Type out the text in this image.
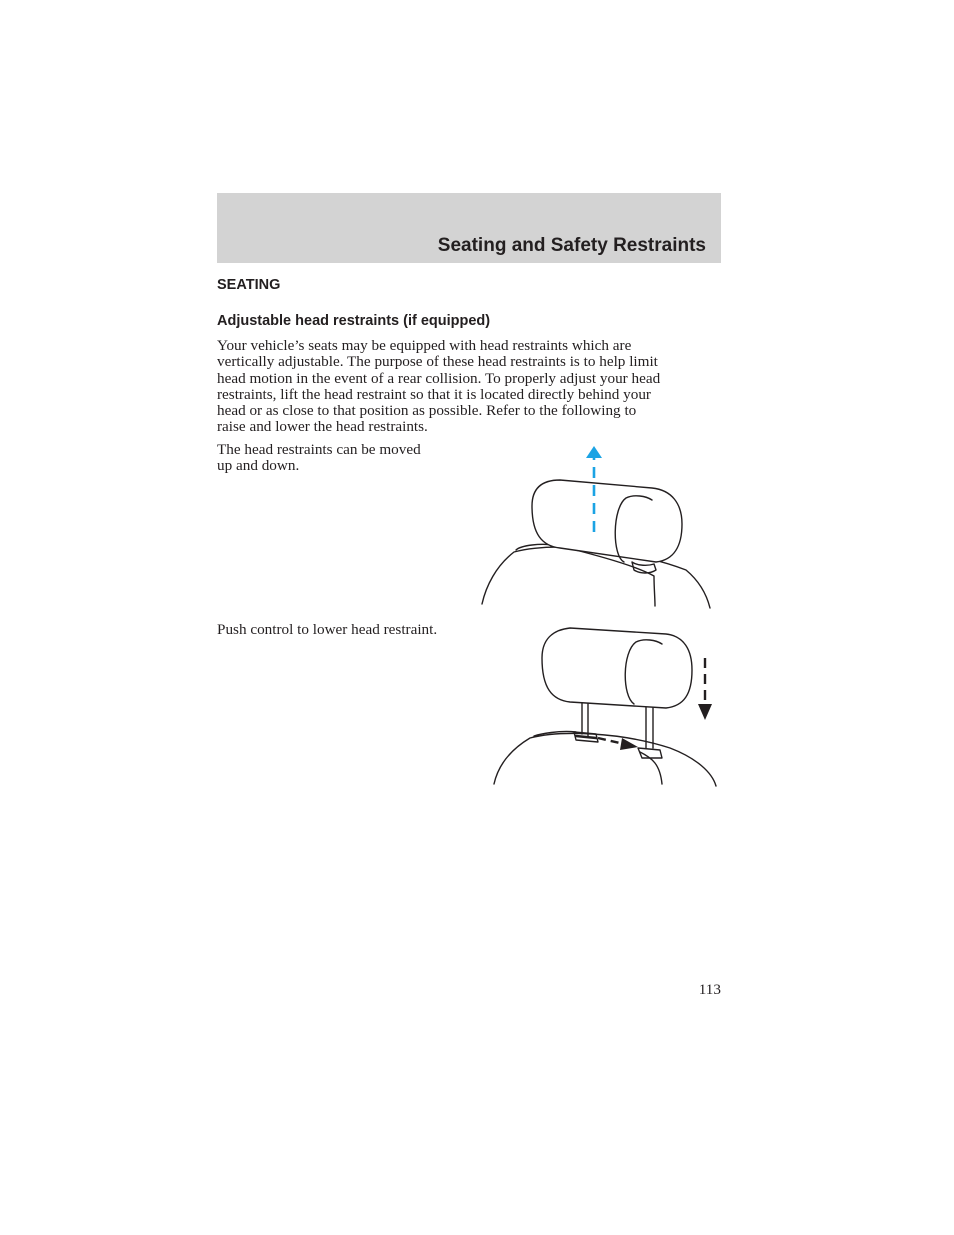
Seating and Safety Restraints
SEATING
Adjustable head restraints (if equipped)

Your vehicle’s seats may be equipped with head restraints which are
vertically adjustable. The purpose of these head restraints is to help limit
head motion in the event of a rear collision. To properly adjust your head
restraints, lift the head restraint so that it is located directly behind your
head or as close to that position as possible. Refer to the following to
raise and lower the head restraints.

The head restraints can be moved
up and down.

Push control to lower head restraint.

113
